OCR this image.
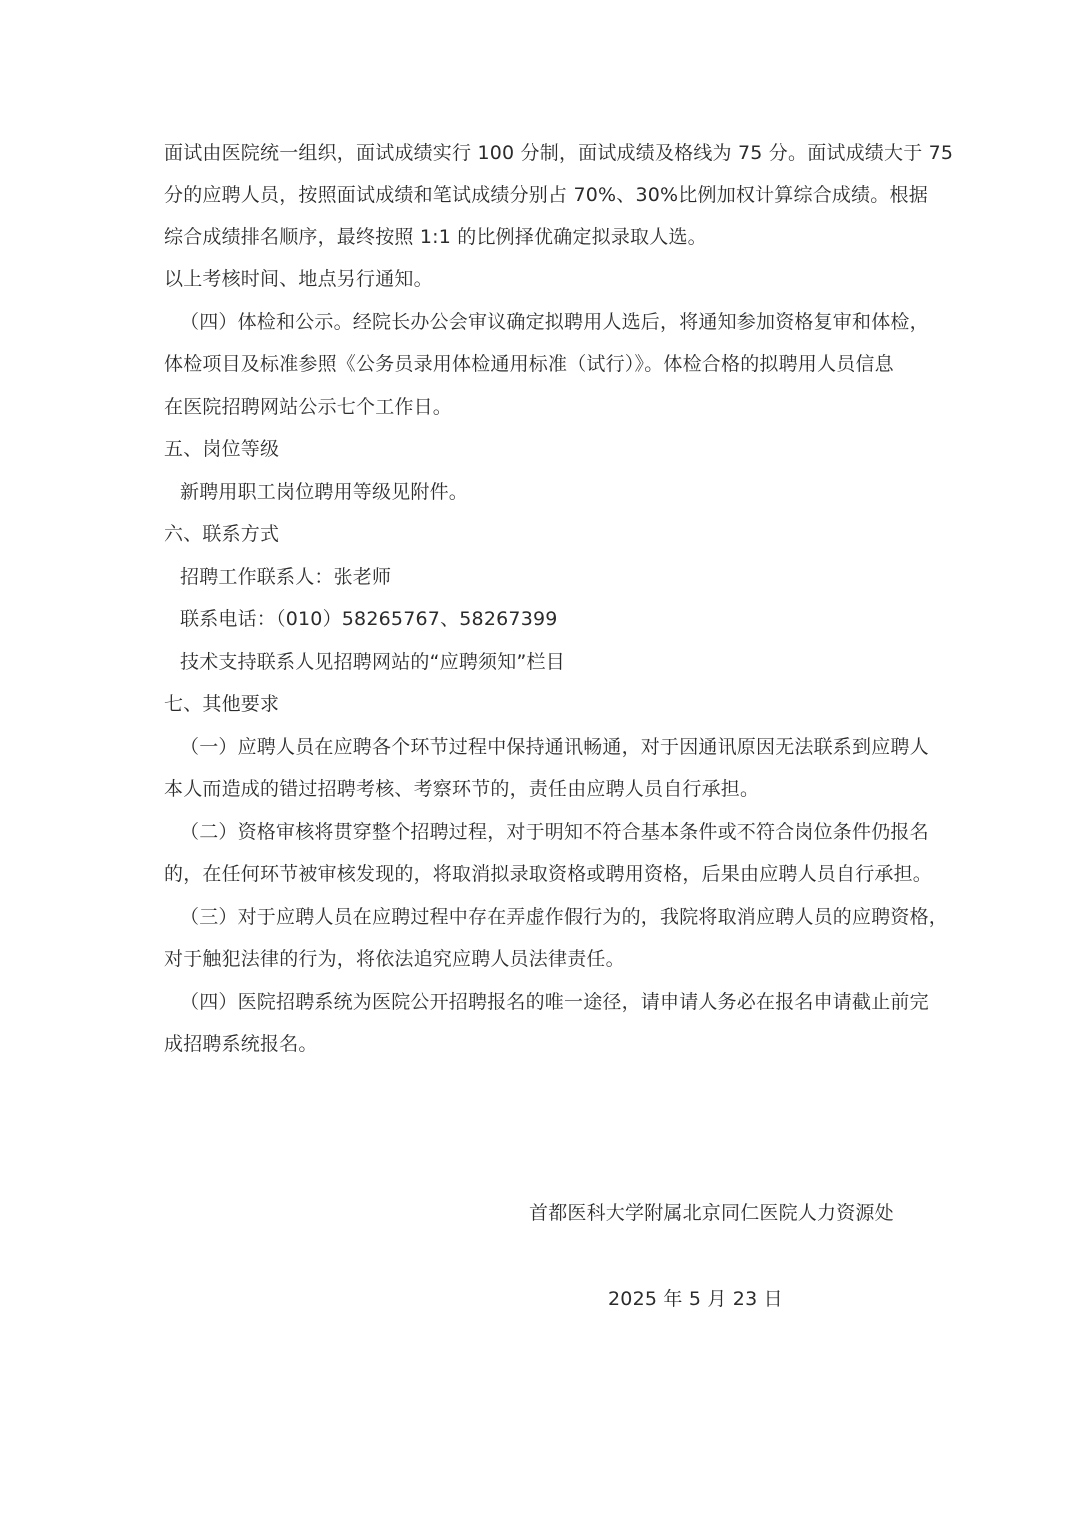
面试由医院统一组织，面试成绩实行 100 分制，面试成绩及格线为 75 分。面试成绩大于 75
分的应聘人员，按照面试成绩和笔试成绩分别占 70%、30%比例加权计算综合成绩。根据
综合成绩排名顺序，最终按照 1:1 的比例择优确定拟录取人选。
以上考核时间、地点另行通知。
（四）体检和公示。经院长办公会审议确定拟聘用人选后，将通知参加资格复审和体检，
体检项目及标准参照《公务员录用体检通用标准（试行）》。体检合格的拟聘用人员信息
在医院招聘网站公示七个工作日。
五、岗位等级
新聘用职工岗位聘用等级见附件。
六、联系方式
招聘工作联系人：张老师
联系电话：（010）58265767、58267399
技术支持联系人见招聘网站的“应聘须知”栏目
七、其他要求
（一）应聘人员在应聘各个环节过程中保持通讯畅通，对于因通讯原因无法联系到应聘人
本人而造成的错过招聘考核、考察环节的，责任由应聘人员自行承担。
（二）资格审核将贯穿整个招聘过程，对于明知不符合基本条件或不符合岗位条件仍报名
的，在任何环节被审核发现的，将取消拟录取资格或聘用资格，后果由应聘人员自行承担。
（三）对于应聘人员在应聘过程中存在弄虚作假行为的，我院将取消应聘人员的应聘资格，
对于触犯法律的行为，将依法追究应聘人员法律责任。
（四）医院招聘系统为医院公开招聘报名的唯一途径，请申请人务必在报名申请截止前完
成招聘系统报名。
首都医科大学附属北京同仁医院人力资源处
2025 年 5 月 23 日
